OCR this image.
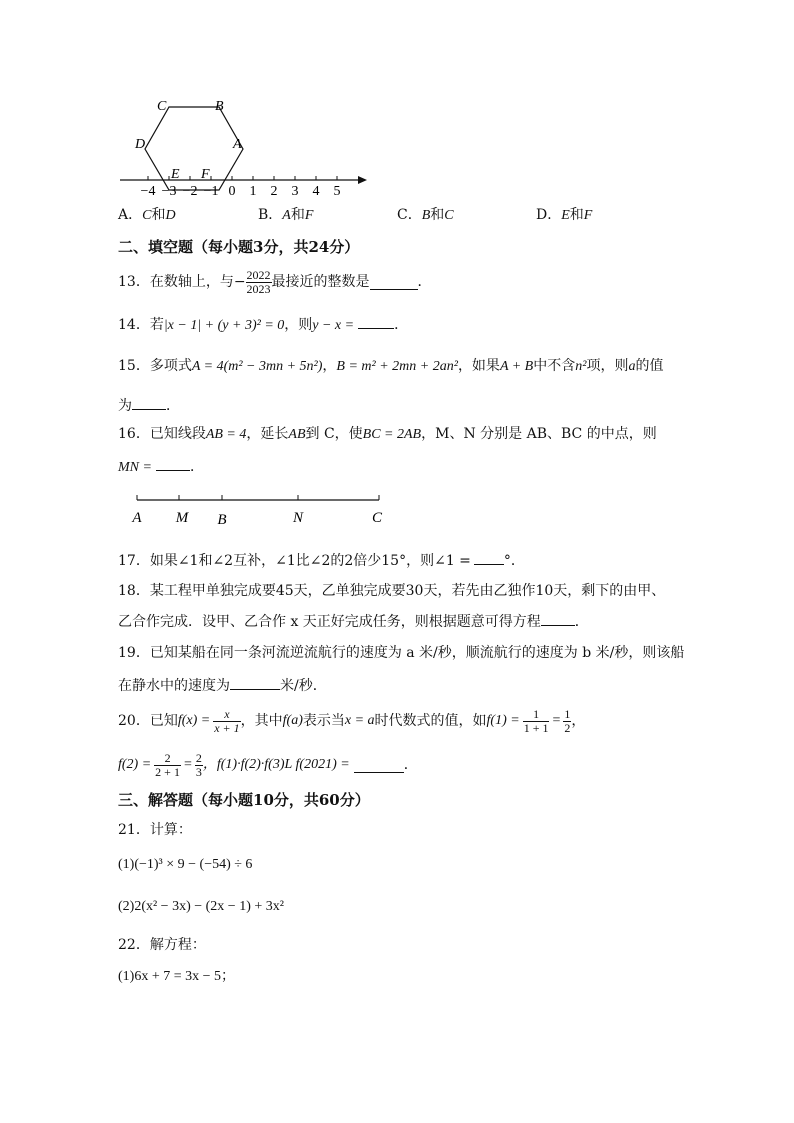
C	B
D	A
E F
−4 −3 −2 −1 0 1 2 3 4 5
A．C和D	B．A和F	C．B和C	D．E和F
二、填空题（每小题3分，共24分）
13．在数轴上，与− $\frac{2022}{2023}$ 最接近的整数是	．
14．若|x − 1| + (y + 3)² = 0，则y − x =	．
15．多项式A = 4(m² − 3mn + 5n²)，B = m² + 2mn + 2an²，如果A + B中不含n²项，则a的值
为 ．
16．已知线段AB = 4，延长AB到 C，使BC = 2AB，M、N 分别是 AB、BC 的中点，则
MN =	．
A M B	N	C
17．如果∠1和∠2互补，∠1比∠2的2倍少15°，则∠1 = °．
18．某工程甲单独完成要45天，乙单独完成要30天，若先由乙独作10天，剩下的由甲、
乙合作完成．设甲、乙合作 x 天正好完成任务，则根据题意可得方程 ．
19．已知某船在同一条河流逆流航行的速度为 a 米/秒，顺流航行的速度为 b 米/秒，则该船
在静水中的速度为	米/秒．
20．已知 $f(x) = \frac{x}{x + 1}$ ，其中 f(a) 表示当 x = a 时代数式的值，如 $f(1) = \frac{1}{1 + 1} = \frac{1}{2}$ ，
$f(2) = \frac{2}{2 + 1} = \frac{2}{3}$ ，f(1)·f(2)·f(3)L f(2021) =	．
三、解答题（每小题10分，共60分）
21．计算：
(1)(−1)³ × 9 − (−54) ÷ 6
(2)2(x² − 3x) − (2x − 1) + 3x²
22．解方程：
(1)6x + 7 = 3x − 5；
